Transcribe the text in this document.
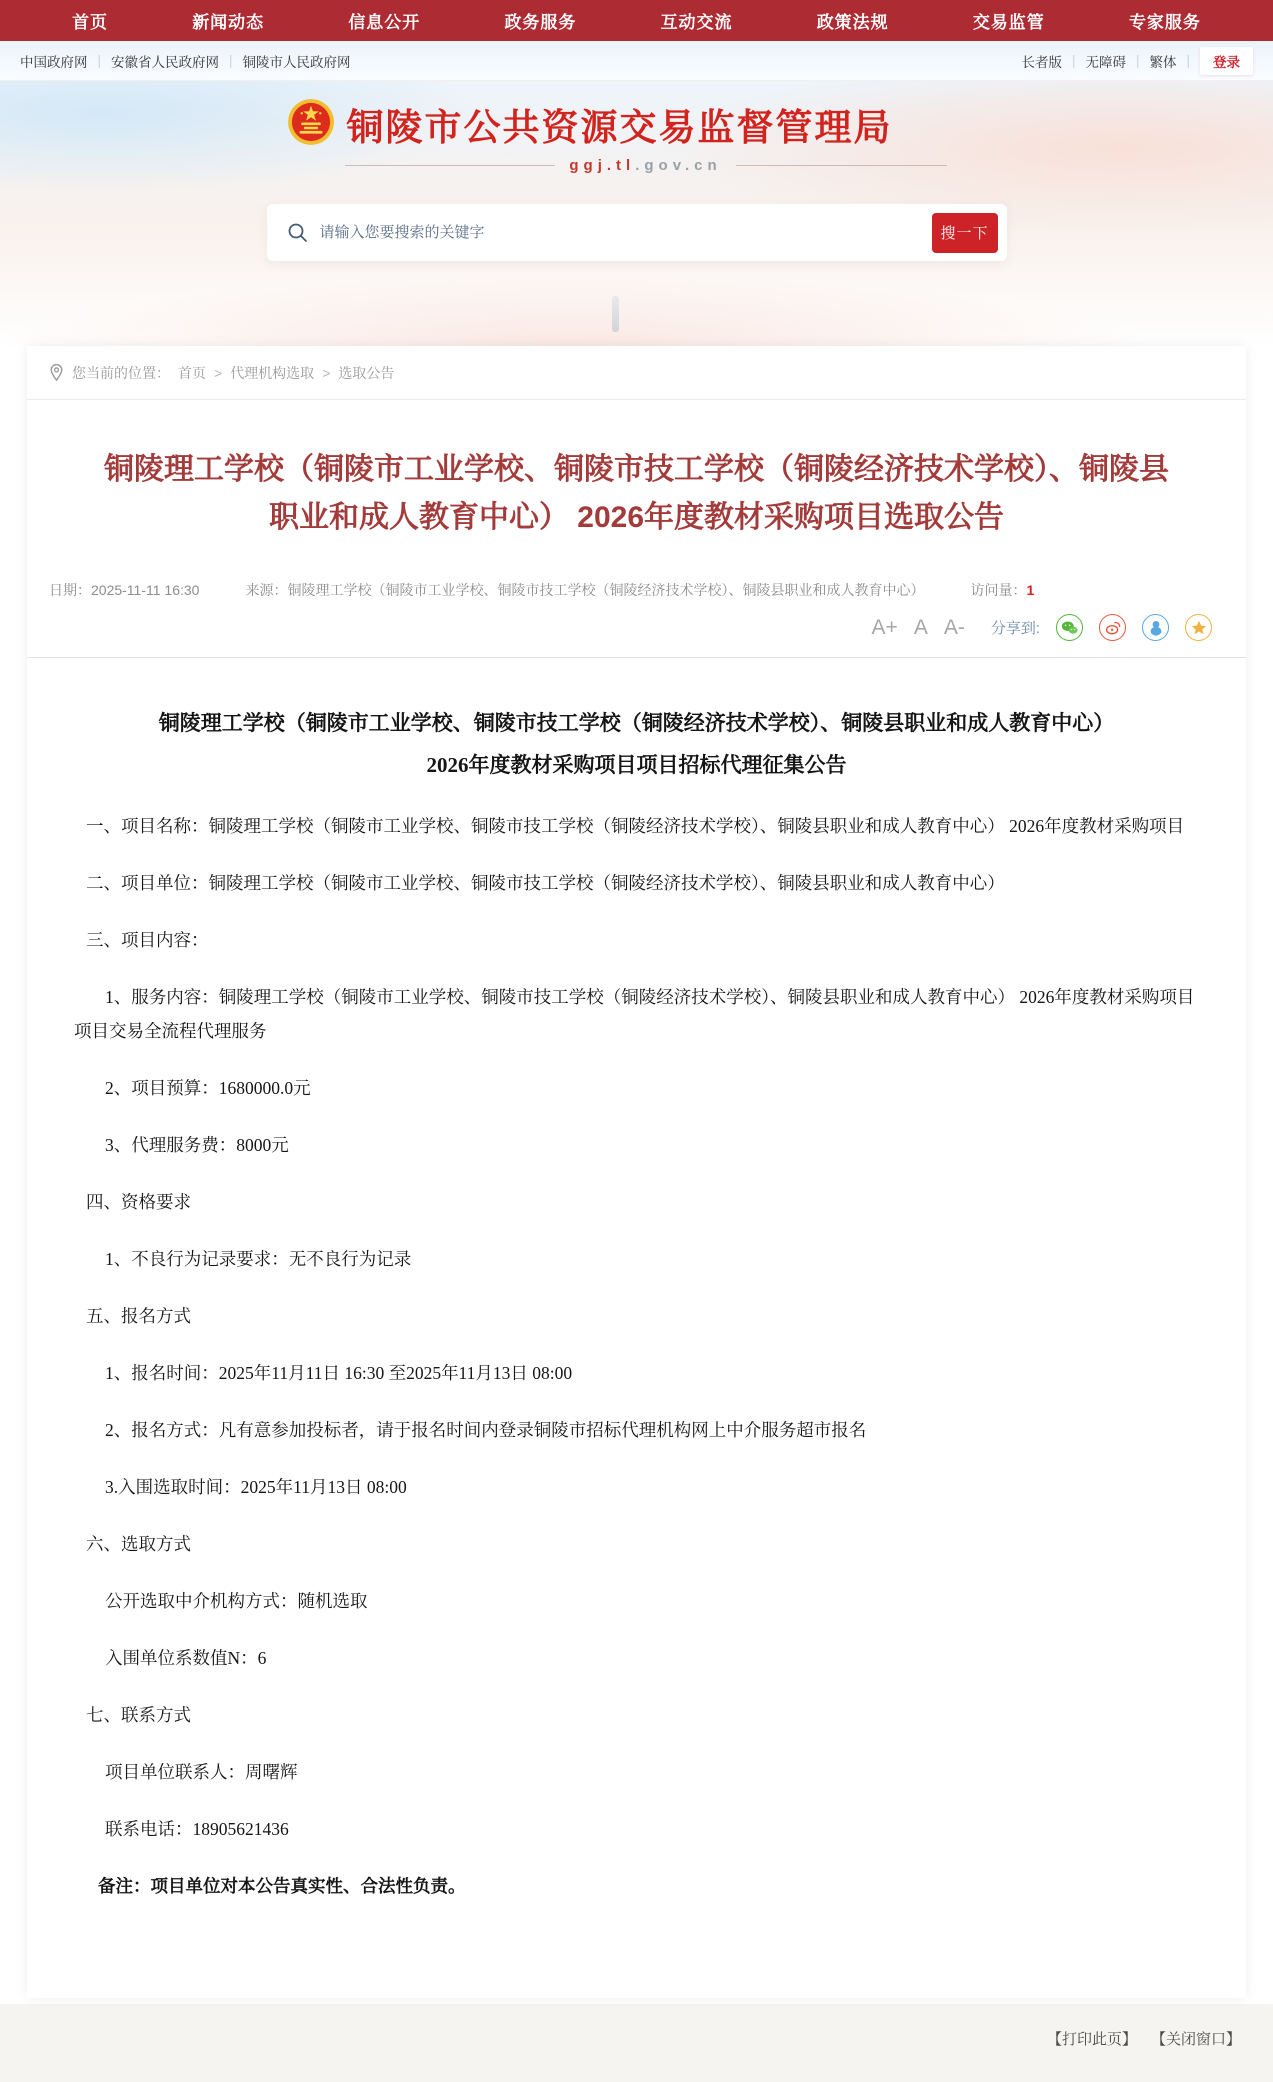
首页	新闻动态	信息公开	政务服务	互动交流	政策法规	交易监管	专家服务
中国政府网 | 安徽省人民政府网 | 铜陵市人民政府网	长者版 | 无障碍 | 繁体 |	登录
铜陵市公共资源交易监督管理局
ggj.tl.gov.cn
请输入您要搜索的关键字
搜一下
您当前的位置： 首页 > 代理机构选取 > 选取公告
铜陵理工学校（铜陵市工业学校、铜陵市技工学校（铜陵经济技术学校）、铜陵县职业和成人教育中心） 2026年度教材采购项目选取公告
日期：2025-11-11 16:30	来源：铜陵理工学校（铜陵市工业学校、铜陵市技工学校（铜陵经济技术学校）、铜陵县职业和成人教育中心）	访问量：1
A+ A A- 分享到:
铜陵理工学校（铜陵市工业学校、铜陵市技工学校（铜陵经济技术学校）、铜陵县职业和成人教育中心）
2026年度教材采购项目项目招标代理征集公告

一、项目名称：铜陵理工学校（铜陵市工业学校、铜陵市技工学校（铜陵经济技术学校）、铜陵县职业和成人教育中心） 2026年度教材采购项目

二、项目单位：铜陵理工学校（铜陵市工业学校、铜陵市技工学校（铜陵经济技术学校）、铜陵县职业和成人教育中心）

三、项目内容：

1、服务内容：铜陵理工学校（铜陵市工业学校、铜陵市技工学校（铜陵经济技术学校）、铜陵县职业和成人教育中心） 2026年度教材采购项目项目交易全流程代理服务

2、项目预算：1680000.0元

3、代理服务费：8000元

四、资格要求

1、不良行为记录要求：无不良行为记录

五、报名方式

1、报名时间：2025年11月11日 16:30 至2025年11月13日 08:00

2、报名方式：凡有意参加投标者，请于报名时间内登录铜陵市招标代理机构网上中介服务超市报名

3.入围选取时间：2025年11月13日 08:00

六、选取方式

公开选取中介机构方式：随机选取

入围单位系数值N：6

七、联系方式

项目单位联系人：周曙辉

联系电话：18905621436

备注：项目单位对本公告真实性、合法性负责。

【打印此页】 【关闭窗口】
